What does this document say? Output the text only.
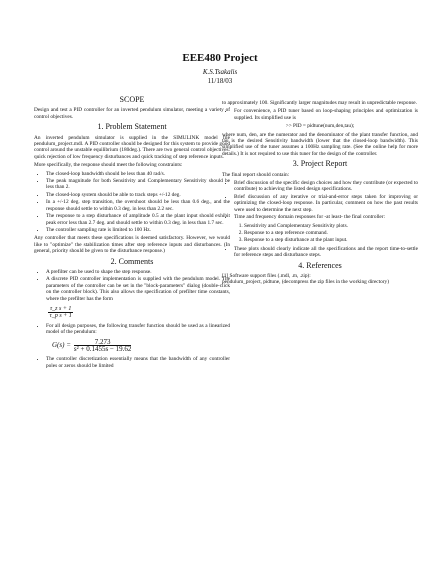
EEE480 Project
K.S.Tsakalis
11/18/03
SCOPE

Design and test a PID controller for an inverted pendulum simulator, meeting a variety of control objectives.

1. Problem Statement

An inverted pendulum simulator is supplied in the SIMULINK model file pendulum_project.mdl. A PID controller should be designed for this system to provide good control around the unstable equilibrium (180deg.). There are two general control objectives: quick rejection of low frequency disturbances and quick tracking of step reference inputs.

More specifically, the response should meet the following constraints:

• The closed-loop bandwidth should be less than 40 rad/s.
• The peak magnitude for both Sensitivity and Complementary Sensitivity should be less than 2.
• The closed-loop system should be able to track steps +/-12 deg.
• In a +/-12 deg. step transition, the overshoot should be less than 0.6 deg., and the response should settle to within 0.3 deg. in less than 2.2 sec.
• The response to a step disturbance of amplitude 0.5 at the plant input should exhibit peak error less than 2.7 deg. and should settle to within 0.3 deg. in less than 1.7 sec.
• The controller sampling rate is limited to 100 Hz.

Any controller that meets these specifications is deemed satisfactory. However, we would like to "optimize" the stabilization times after step reference inputs and disturbances. (In general, priority should be given to the disturbance response.)

2. Comments
• A prefilter can be used to shape the step response.
• A discrete PID controller implementation is supplied with the pendulum model. The parameters of the controller can be set in the "block-parameters" dialog (double-click on the controller block). This also allows the specification of prefilter time constants, where the prefilter has the form
$\frac{\text{τ\_z s + 1}}{\text{τ\_p s + 1}}$
• For all design purposes, the following transfer function should be used as a linearized model of the pendulum:
$G(s) = \frac{7.273}{\text{s² + 0.1455s − 19.62}}$
• The controller discretization essentially means that the bandwidth of any controller poles or zeros should be limited

to approximately 100. Significantly larger magnitudes may result in unpredictable response.

• For convenience, a PID tuner based on loop-shaping principles and optimization is supplied. Its simplified use is
>> PID = pidtune(num,den,tau);

where num, den, are the numerator and the denominator of the plant transfer function, and tau is the desired Sensitivity bandwidth (lower that the closed-loop bandwidth). This simplified use of the tuner assumes a 100Hz sampling rate. (See the online help for more details.) It is not required to use this tuner for the design of the controller.

3. Project Report

The final report should contain:

• Brief discussion of the specific design choices and how they contribute (or expected to contribute) to achieving the listed design specifications.
• Brief discussion of any iterative or trial-and-error steps taken for improving or optimizing the closed-loop response. In particular, comment on how the past results were used to determine the next step.
• Time and frequency domain responses for -at least- the final controller:
1. Sensitivity and Complementary Sensitivity plots.
2. Response to a step reference command.
3. Response to a step disturbance at the plant input.
• These plots should clearly indicate all the specifications and the report time-to-settle for reference steps and disturbance steps.
4. References

[1] Software support files (.mdl, .m, .zip):

pendulum_project, pidtune, (decompress the zip files in the working directory)
